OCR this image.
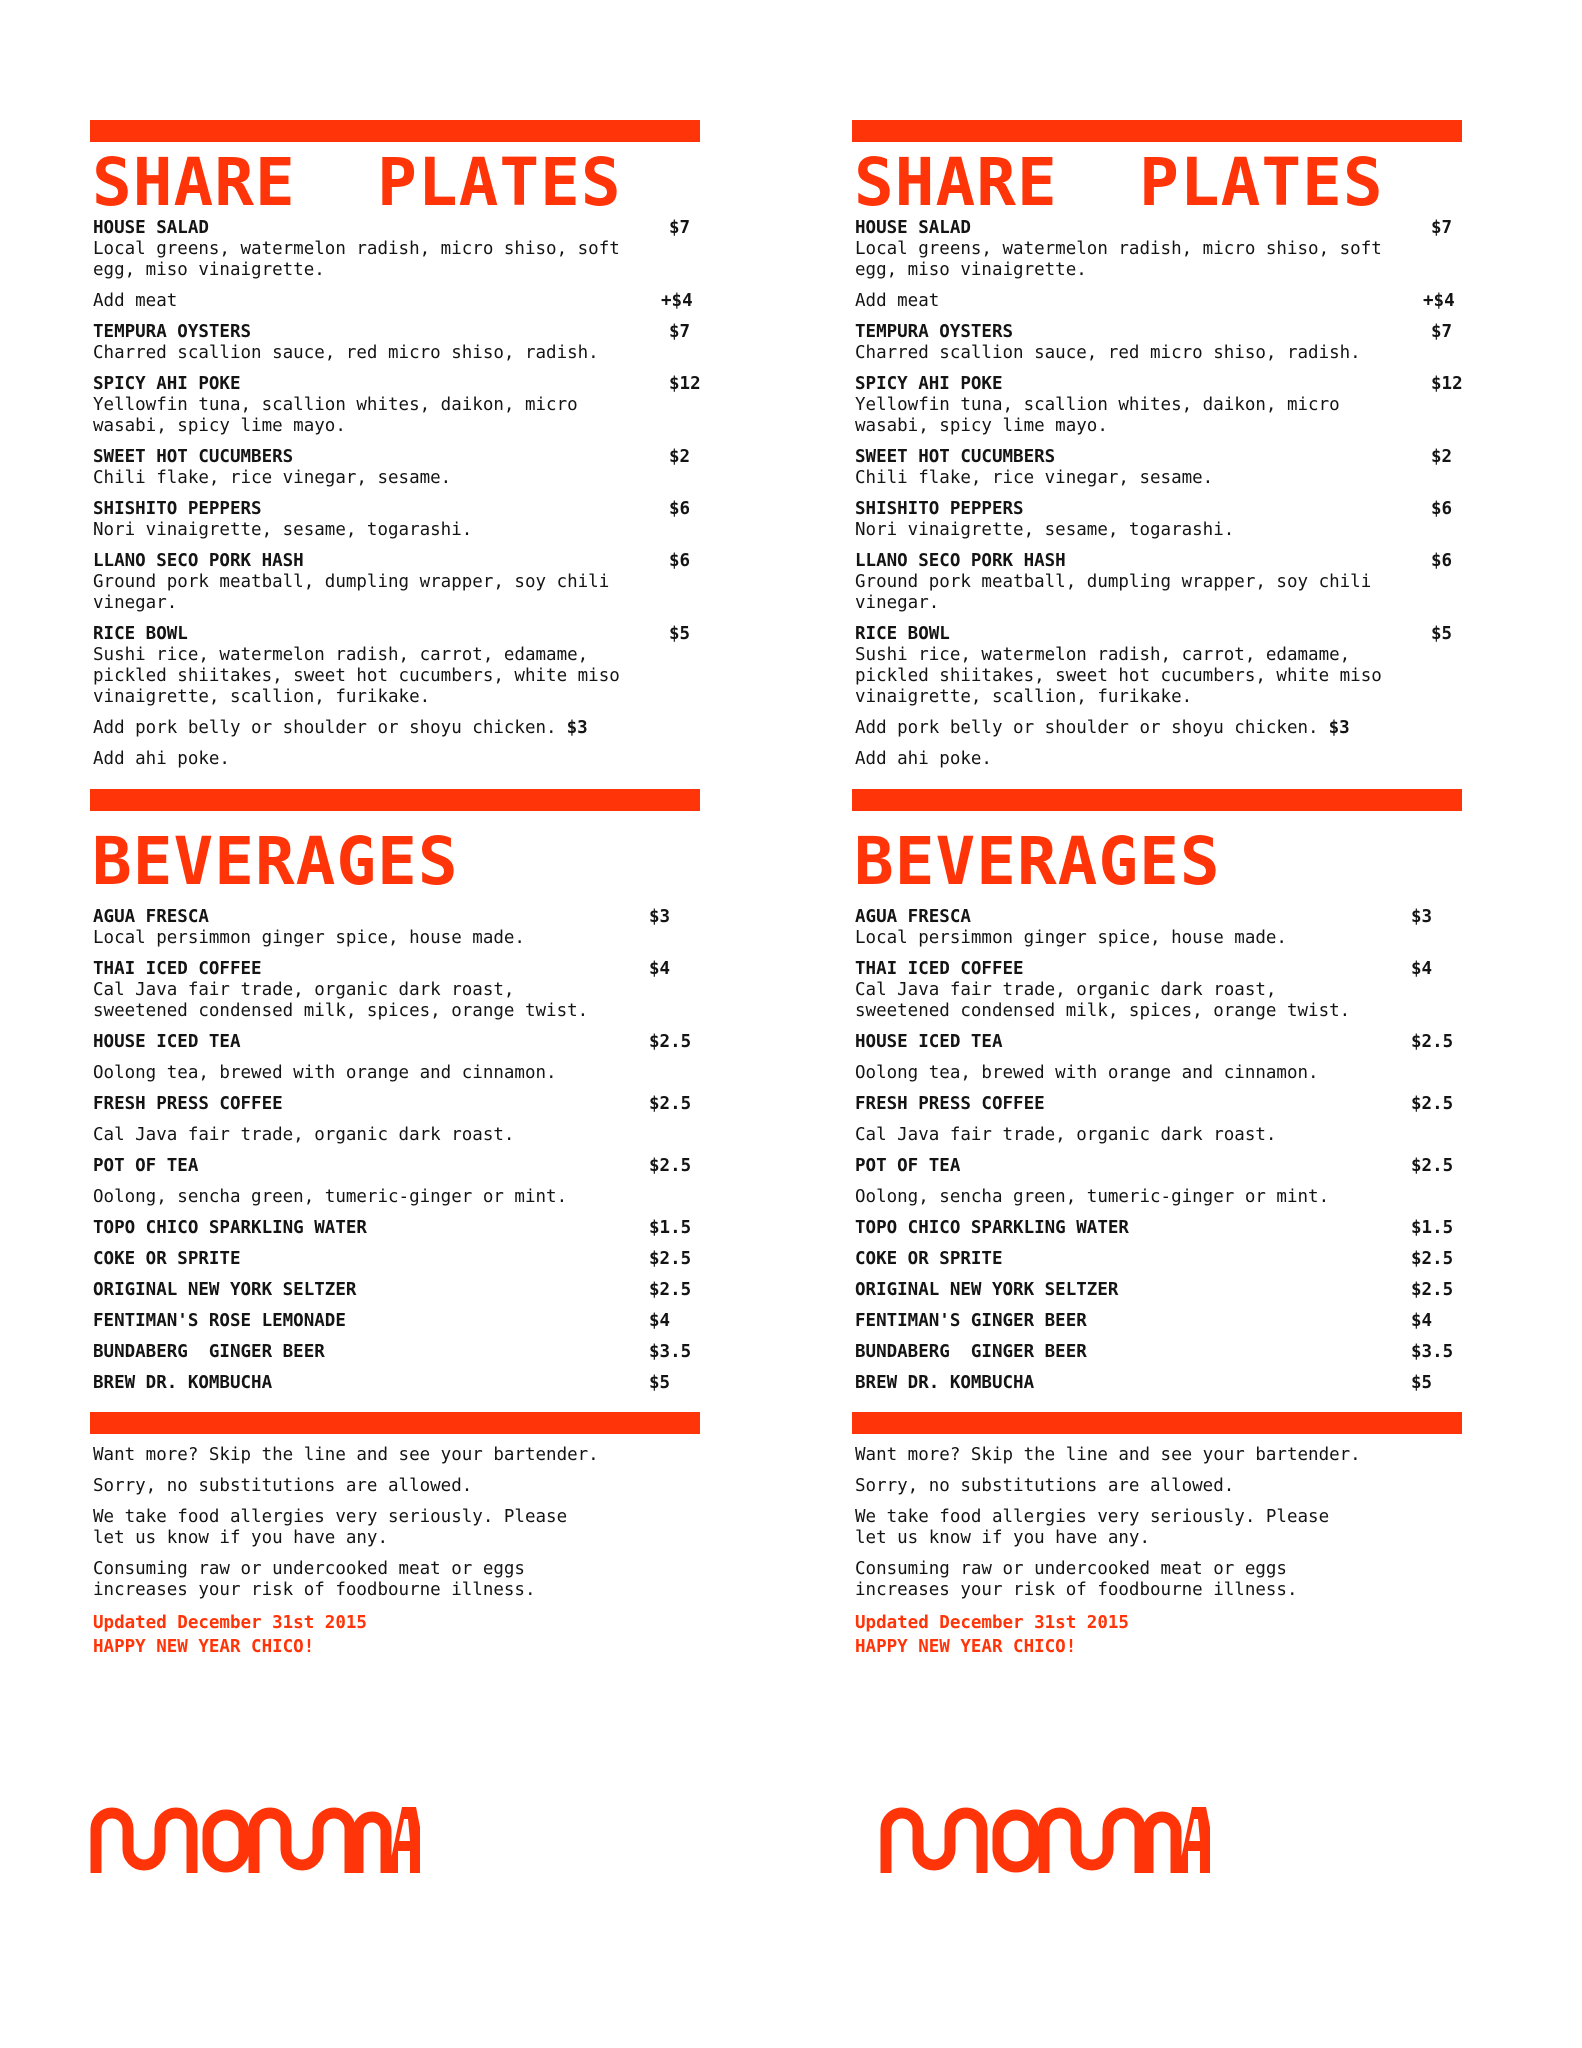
SHARE  PLATES
HOUSE SALAD	$7
Local greens, watermelon radish, micro shiso, soft
egg, miso vinaigrette.
Add meat	+$4
TEMPURA OYSTERS	$7
Charred scallion sauce, red micro shiso, radish.
SPICY AHI POKE	$12
Yellowfin tuna, scallion whites, daikon, micro
wasabi, spicy lime mayo.
SWEET HOT CUCUMBERS	$2
Chili flake, rice vinegar, sesame.
SHISHITO PEPPERS	$6
Nori vinaigrette, sesame, togarashi.
LLANO SECO PORK HASH	$6
Ground pork meatball, dumpling wrapper, soy chili
vinegar.
RICE BOWL	$5
Sushi rice, watermelon radish, carrot, edamame,
pickled shiitakes, sweet hot cucumbers, white miso
vinaigrette, scallion, furikake.
Add pork belly or shoulder or shoyu chicken. $3
Add ahi poke.
BEVERAGES
AGUA FRESCA	$3
Local persimmon ginger spice, house made.
THAI ICED COFFEE	$4
Cal Java fair trade, organic dark roast,
sweetened condensed milk, spices, orange twist.
HOUSE ICED TEA	$2.5
Oolong tea, brewed with orange and cinnamon.
FRESH PRESS COFFEE	$2.5
Cal Java fair trade, organic dark roast.
POT OF TEA	$2.5
Oolong, sencha green, tumeric-ginger or mint.
TOPO CHICO SPARKLING WATER	$1.5
COKE OR SPRITE	$2.5
ORIGINAL NEW YORK SELTZER	$2.5
FENTIMAN'S ROSE LEMONADE	$4
BUNDABERG  GINGER BEER	$3.5
BREW DR. KOMBUCHA	$5
Want more? Skip the line and see your bartender.
Sorry, no substitutions are allowed.
We take food allergies very seriously. Please
let us know if you have any.
Consuming raw or undercooked meat or eggs
increases your risk of foodbourne illness.
Updated December 31st 2015
HAPPY NEW YEAR CHICO!
SHARE  PLATES
HOUSE SALAD	$7
Local greens, watermelon radish, micro shiso, soft
egg, miso vinaigrette.
Add meat	+$4
TEMPURA OYSTERS	$7
Charred scallion sauce, red micro shiso, radish.
SPICY AHI POKE	$12
Yellowfin tuna, scallion whites, daikon, micro
wasabi, spicy lime mayo.
SWEET HOT CUCUMBERS	$2
Chili flake, rice vinegar, sesame.
SHISHITO PEPPERS	$6
Nori vinaigrette, sesame, togarashi.
LLANO SECO PORK HASH	$6
Ground pork meatball, dumpling wrapper, soy chili
vinegar.
RICE BOWL	$5
Sushi rice, watermelon radish, carrot, edamame,
pickled shiitakes, sweet hot cucumbers, white miso
vinaigrette, scallion, furikake.
Add pork belly or shoulder or shoyu chicken. $3
Add ahi poke.
BEVERAGES
AGUA FRESCA	$3
Local persimmon ginger spice, house made.
THAI ICED COFFEE	$4
Cal Java fair trade, organic dark roast,
sweetened condensed milk, spices, orange twist.
HOUSE ICED TEA	$2.5
Oolong tea, brewed with orange and cinnamon.
FRESH PRESS COFFEE	$2.5
Cal Java fair trade, organic dark roast.
POT OF TEA	$2.5
Oolong, sencha green, tumeric-ginger or mint.
TOPO CHICO SPARKLING WATER	$1.5
COKE OR SPRITE	$2.5
ORIGINAL NEW YORK SELTZER	$2.5
FENTIMAN'S GINGER BEER	$4
BUNDABERG  GINGER BEER	$3.5
BREW DR. KOMBUCHA	$5
Want more? Skip the line and see your bartender.
Sorry, no substitutions are allowed.
We take food allergies very seriously. Please
let us know if you have any.
Consuming raw or undercooked meat or eggs
increases your risk of foodbourne illness.
Updated December 31st 2015
HAPPY NEW YEAR CHICO!
